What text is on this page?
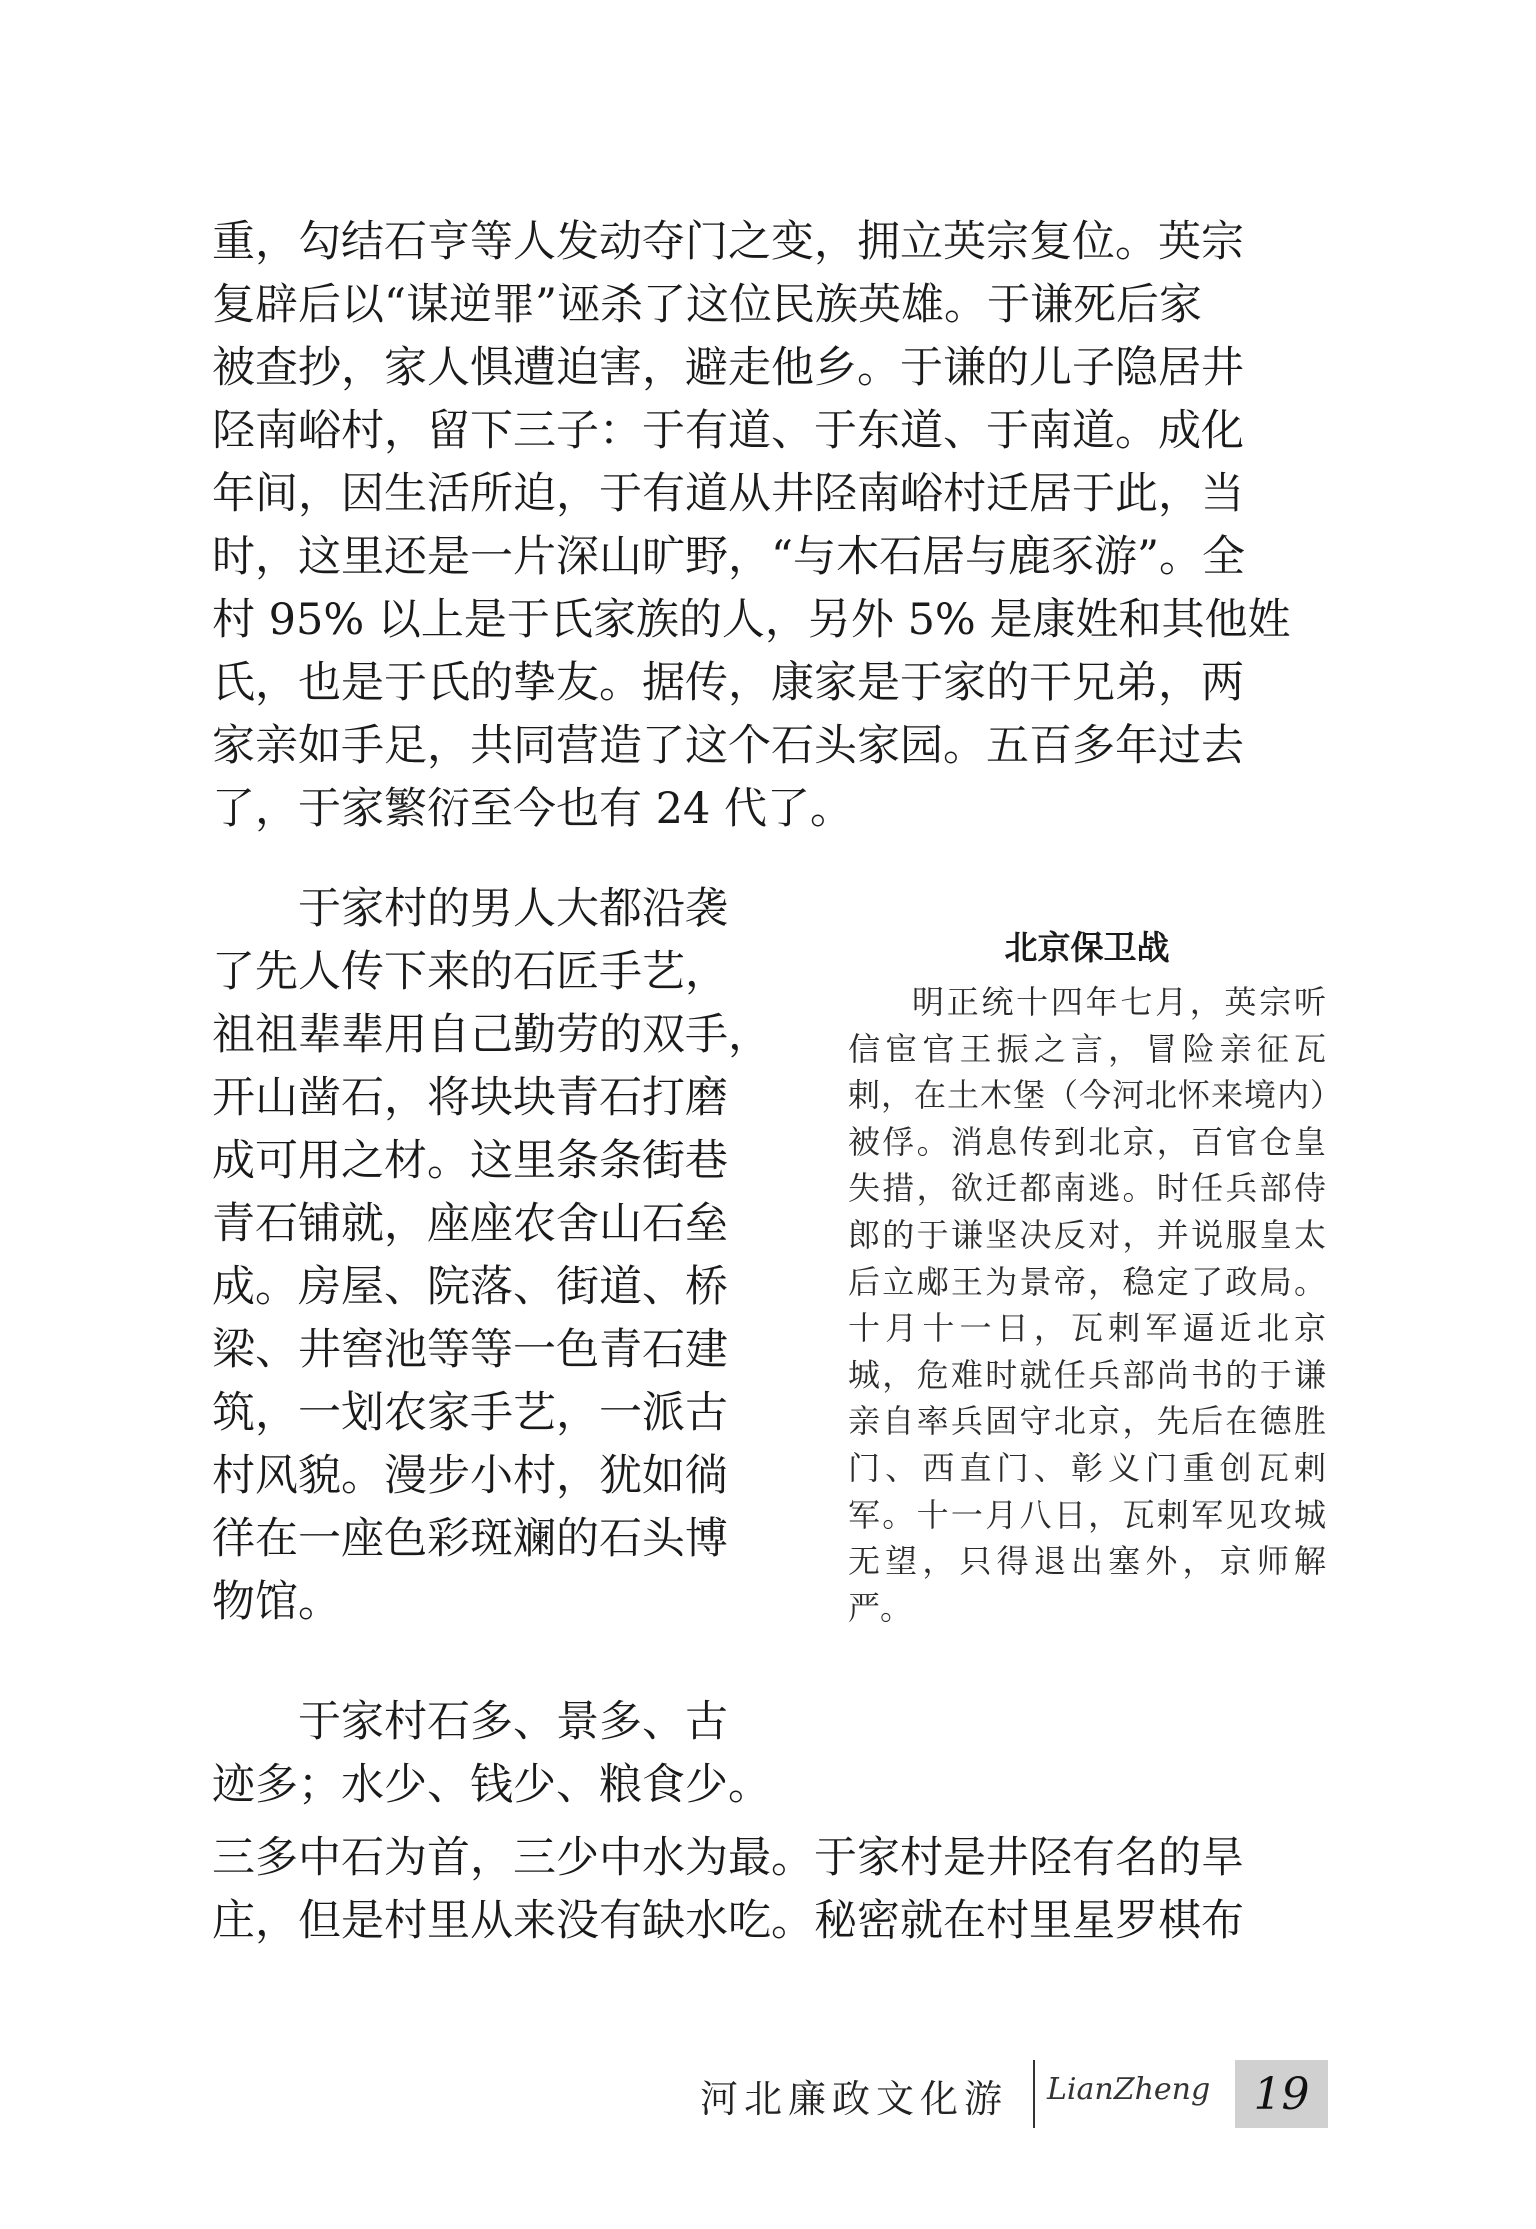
重，勾结石亨等人发动夺门之变，拥立英宗复位。英宗
复辟后以“谋逆罪”诬杀了这位民族英雄。于谦死后家
被查抄，家人惧遭迫害，避走他乡。于谦的儿子隐居井
陉南峪村，留下三子：于有道、于东道、于南道。成化
年间，因生活所迫，于有道从井陉南峪村迁居于此，当
时，这里还是一片深山旷野，“与木石居与鹿豕游”。全
村 95% 以上是于氏家族的人，另外 5% 是康姓和其他姓
氏，也是于氏的挚友。据传，康家是于家的干兄弟，两
家亲如手足，共同营造了这个石头家园。五百多年过去
了，于家繁衍至今也有 24 代了。
　　于家村的男人大都沿袭
了先人传下来的石匠手艺，
祖祖辈辈用自己勤劳的双手，
开山凿石，将块块青石打磨
成可用之材。这里条条街巷
青石铺就，座座农舍山石垒
成。房屋、院落、街道、桥
梁、井窖池等等一色青石建
筑，一划农家手艺，一派古
村风貌。漫步小村，犹如徜
徉在一座色彩斑斓的石头博
物馆。
　　于家村石多、景多、古
迹多；水少、钱少、粮食少。
三多中石为首，三少中水为最。于家村是井陉有名的旱
庄，但是村里从来没有缺水吃。秘密就在村里星罗棋布
北京保卫战
明正统十四年七月，英宗听信宦官王振之言，冒险亲征瓦剌，在土木堡（今河北怀来境内）被俘。消息传到北京，百官仓皇失措，欲迁都南逃。时任兵部侍郎的于谦坚决反对，并说服皇太后立郕王为景帝，稳定了政局。十月十一日，瓦剌军逼近北京城，危难时就任兵部尚书的于谦亲自率兵固守北京，先后在德胜门、西直门、彰义门重创瓦剌军。十一月八日，瓦剌军见攻城无望，只得退出塞外，京师解严。
河北廉政文化游 LianZheng 19
